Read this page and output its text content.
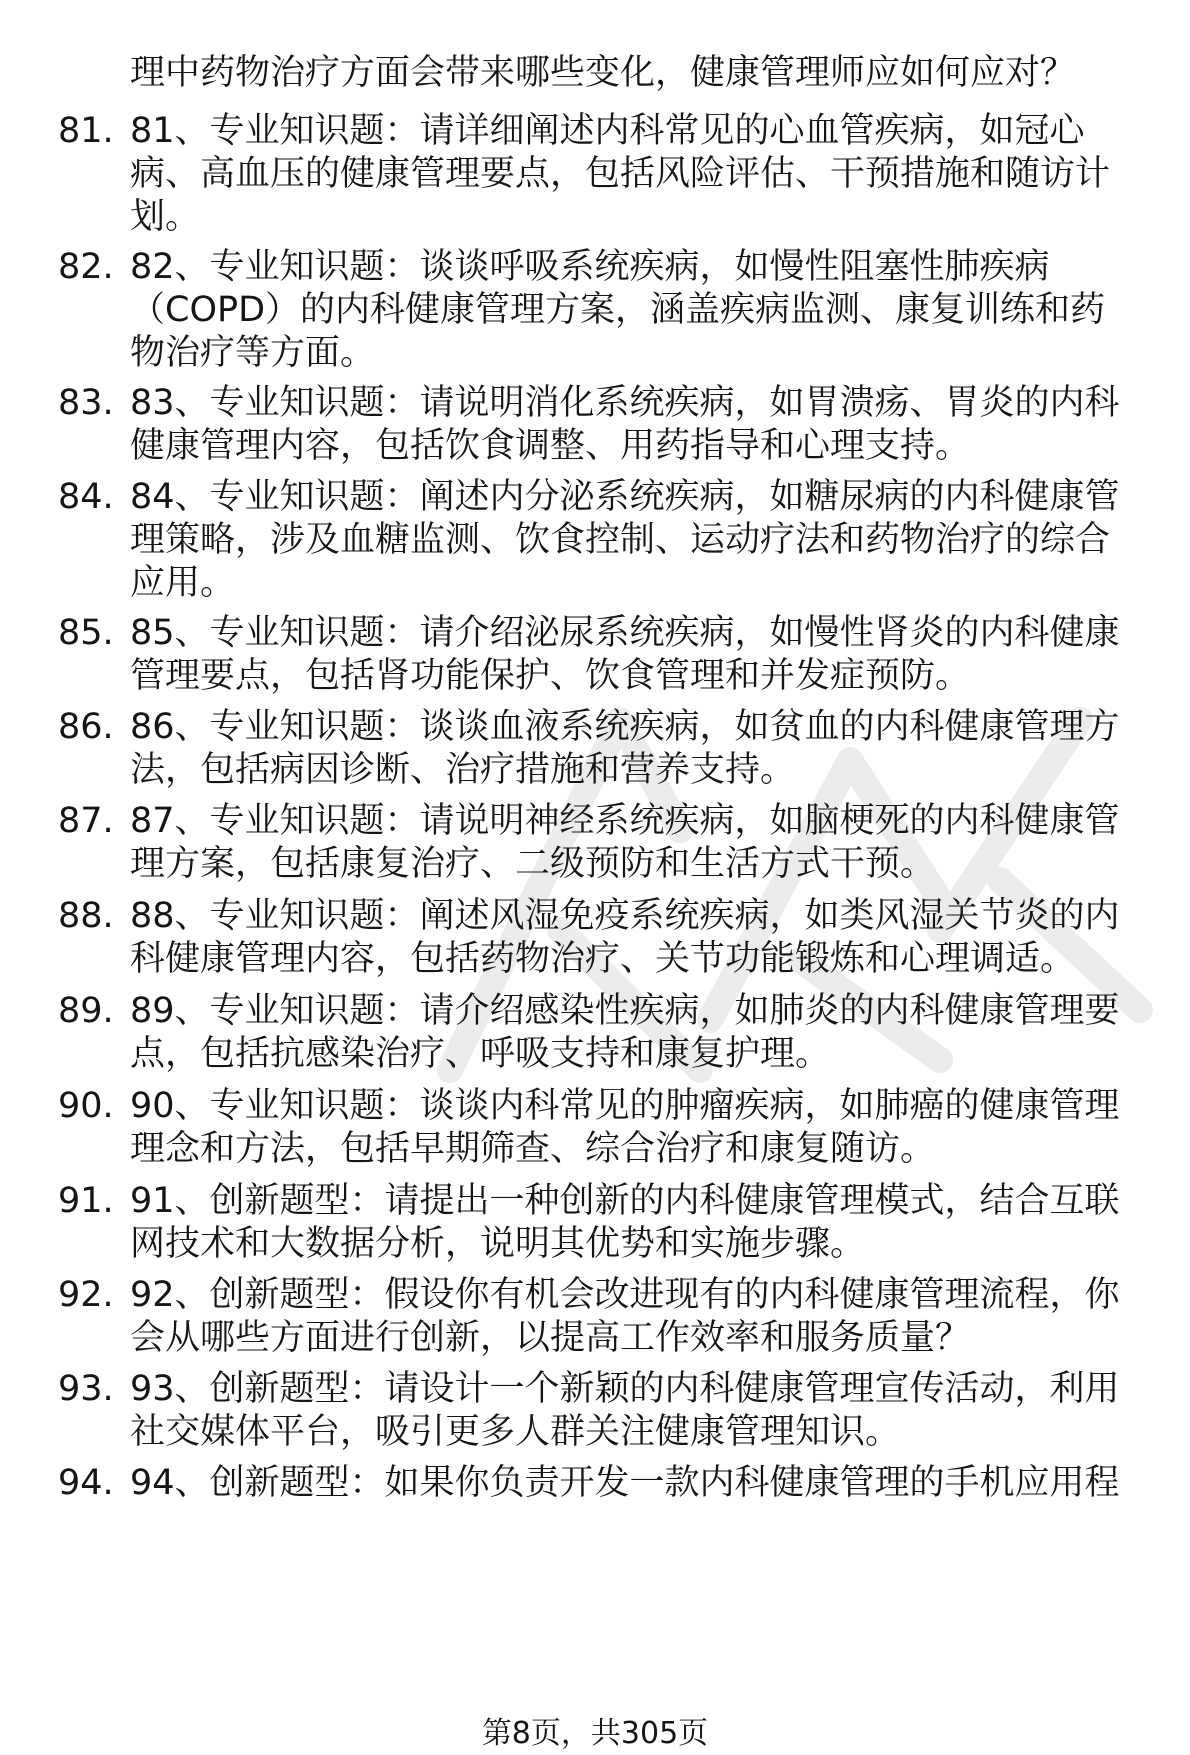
理中药物治疗方面会带来哪些变化，健康管理师应如何应对？
81. 81、专业知识题：请详细阐述内科常见的心血管疾病，如冠心
病、高血压的健康管理要点，包括风险评估、干预措施和随访计
划。
82. 82、专业知识题：谈谈呼吸系统疾病，如慢性阻塞性肺疾病
（COPD）的内科健康管理方案，涵盖疾病监测、康复训练和药
物治疗等方面。
83. 83、专业知识题：请说明消化系统疾病，如胃溃疡、胃炎的内科
健康管理内容，包括饮食调整、用药指导和心理支持。
84. 84、专业知识题：阐述内分泌系统疾病，如糖尿病的内科健康管
理策略，涉及血糖监测、饮食控制、运动疗法和药物治疗的综合
应用。
85. 85、专业知识题：请介绍泌尿系统疾病，如慢性肾炎的内科健康
管理要点，包括肾功能保护、饮食管理和并发症预防。
86. 86、专业知识题：谈谈血液系统疾病，如贫血的内科健康管理方
法，包括病因诊断、治疗措施和营养支持。
87. 87、专业知识题：请说明神经系统疾病，如脑梗死的内科健康管
理方案，包括康复治疗、二级预防和生活方式干预。
88. 88、专业知识题：阐述风湿免疫系统疾病，如类风湿关节炎的内
科健康管理内容，包括药物治疗、关节功能锻炼和心理调适。
89. 89、专业知识题：请介绍感染性疾病，如肺炎的内科健康管理要
点，包括抗感染治疗、呼吸支持和康复护理。
90. 90、专业知识题：谈谈内科常见的肿瘤疾病，如肺癌的健康管理
理念和方法，包括早期筛查、综合治疗和康复随访。
91. 91、创新题型：请提出一种创新的内科健康管理模式，结合互联
网技术和大数据分析，说明其优势和实施步骤。
92. 92、创新题型：假设你有机会改进现有的内科健康管理流程，你
会从哪些方面进行创新，以提高工作效率和服务质量？
93. 93、创新题型：请设计一个新颖的内科健康管理宣传活动，利用
社交媒体平台，吸引更多人群关注健康管理知识。
94. 94、创新题型：如果你负责开发一款内科健康管理的手机应用程
第8页，共305页
